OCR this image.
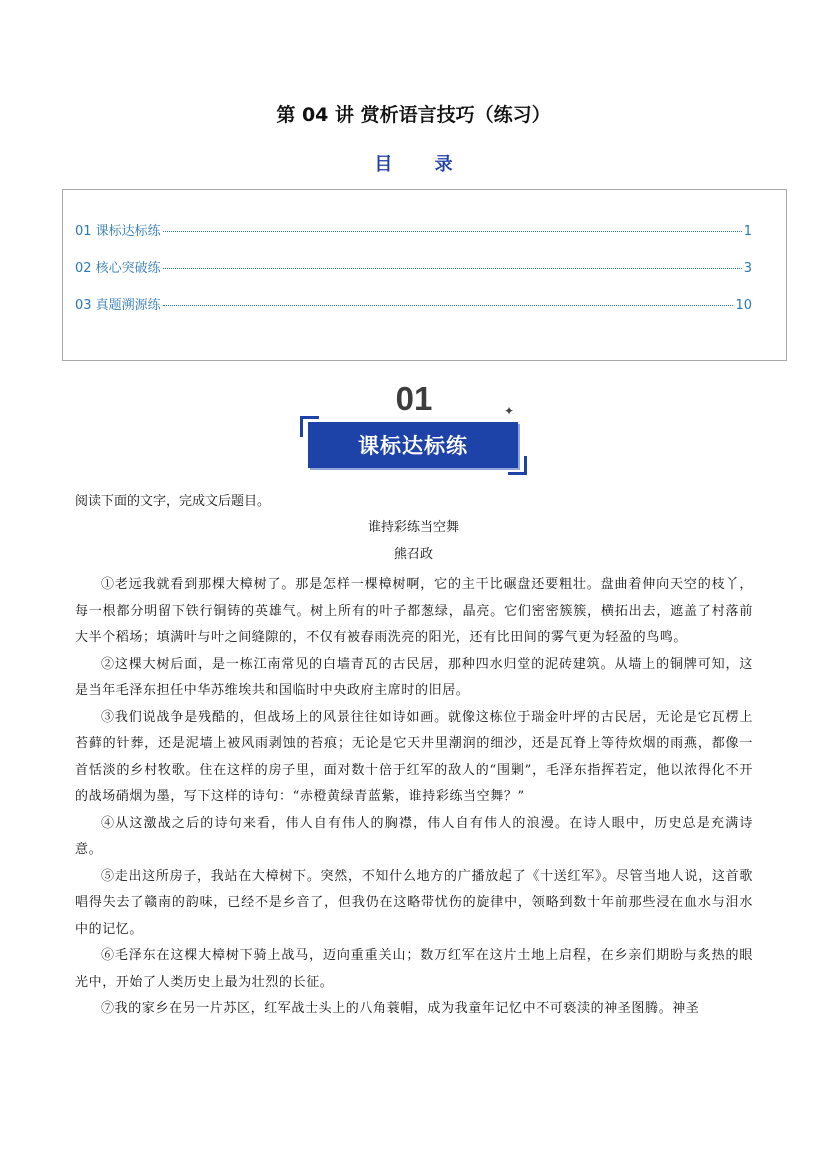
第 04 讲 赏析语言技巧（练习）
目 录
01 课标达标练	1
02 核心突破练	3
03 真题溯源练	10
01
课标达标练
✦
阅读下面的文字，完成文后题目。
谁持彩练当空舞
熊召政

①老远我就看到那棵大樟树了。那是怎样一棵樟树啊，它的主干比碾盘还要粗壮。盘曲着伸向天空的枝丫，每一根都分明留下铁行铜铸的英雄气。树上所有的叶子都葱绿，晶亮。它们密密簇簇，横拓出去，遮盖了村落前大半个稻场；填满叶与叶之间缝隙的，不仅有被春雨洗亮的阳光，还有比田间的雾气更为轻盈的鸟鸣。

②这棵大树后面，是一栋江南常见的白墙青瓦的古民居，那种四水归堂的泥砖建筑。从墙上的铜牌可知，这是当年毛泽东担任中华苏维埃共和国临时中央政府主席时的旧居。

③我们说战争是残酷的，但战场上的风景往往如诗如画。就像这栋位于瑞金叶坪的古民居，无论是它瓦楞上苔藓的针葬，还是泥墙上被风雨剥蚀的苔痕；无论是它天井里潮润的细沙，还是瓦脊上等待炊烟的雨燕，都像一首恬淡的乡村牧歌。住在这样的房子里，面对数十倍于红军的敌人的“围剿”，毛泽东指挥若定，他以浓得化不开的战场硝烟为墨，写下这样的诗句：“赤橙黄绿青蓝紫，谁持彩练当空舞？”

④从这激战之后的诗句来看，伟人自有伟人的胸襟，伟人自有伟人的浪漫。在诗人眼中，历史总是充满诗意。

⑤走出这所房子，我站在大樟树下。突然，不知什么地方的广播放起了《十送红军》。尽管当地人说，这首歌唱得失去了赣南的韵味，已经不是乡音了，但我仍在这略带忧伤的旋律中，领略到数十年前那些浸在血水与泪水中的记忆。

⑥毛泽东在这棵大樟树下骑上战马，迈向重重关山；数万红军在这片土地上启程，在乡亲们期盼与炙热的眼光中，开始了人类历史上最为壮烈的长征。

⑦我的家乡在另一片苏区，红军战士头上的八角蓑帽，成为我童年记忆中不可亵渎的神圣图腾。神圣
